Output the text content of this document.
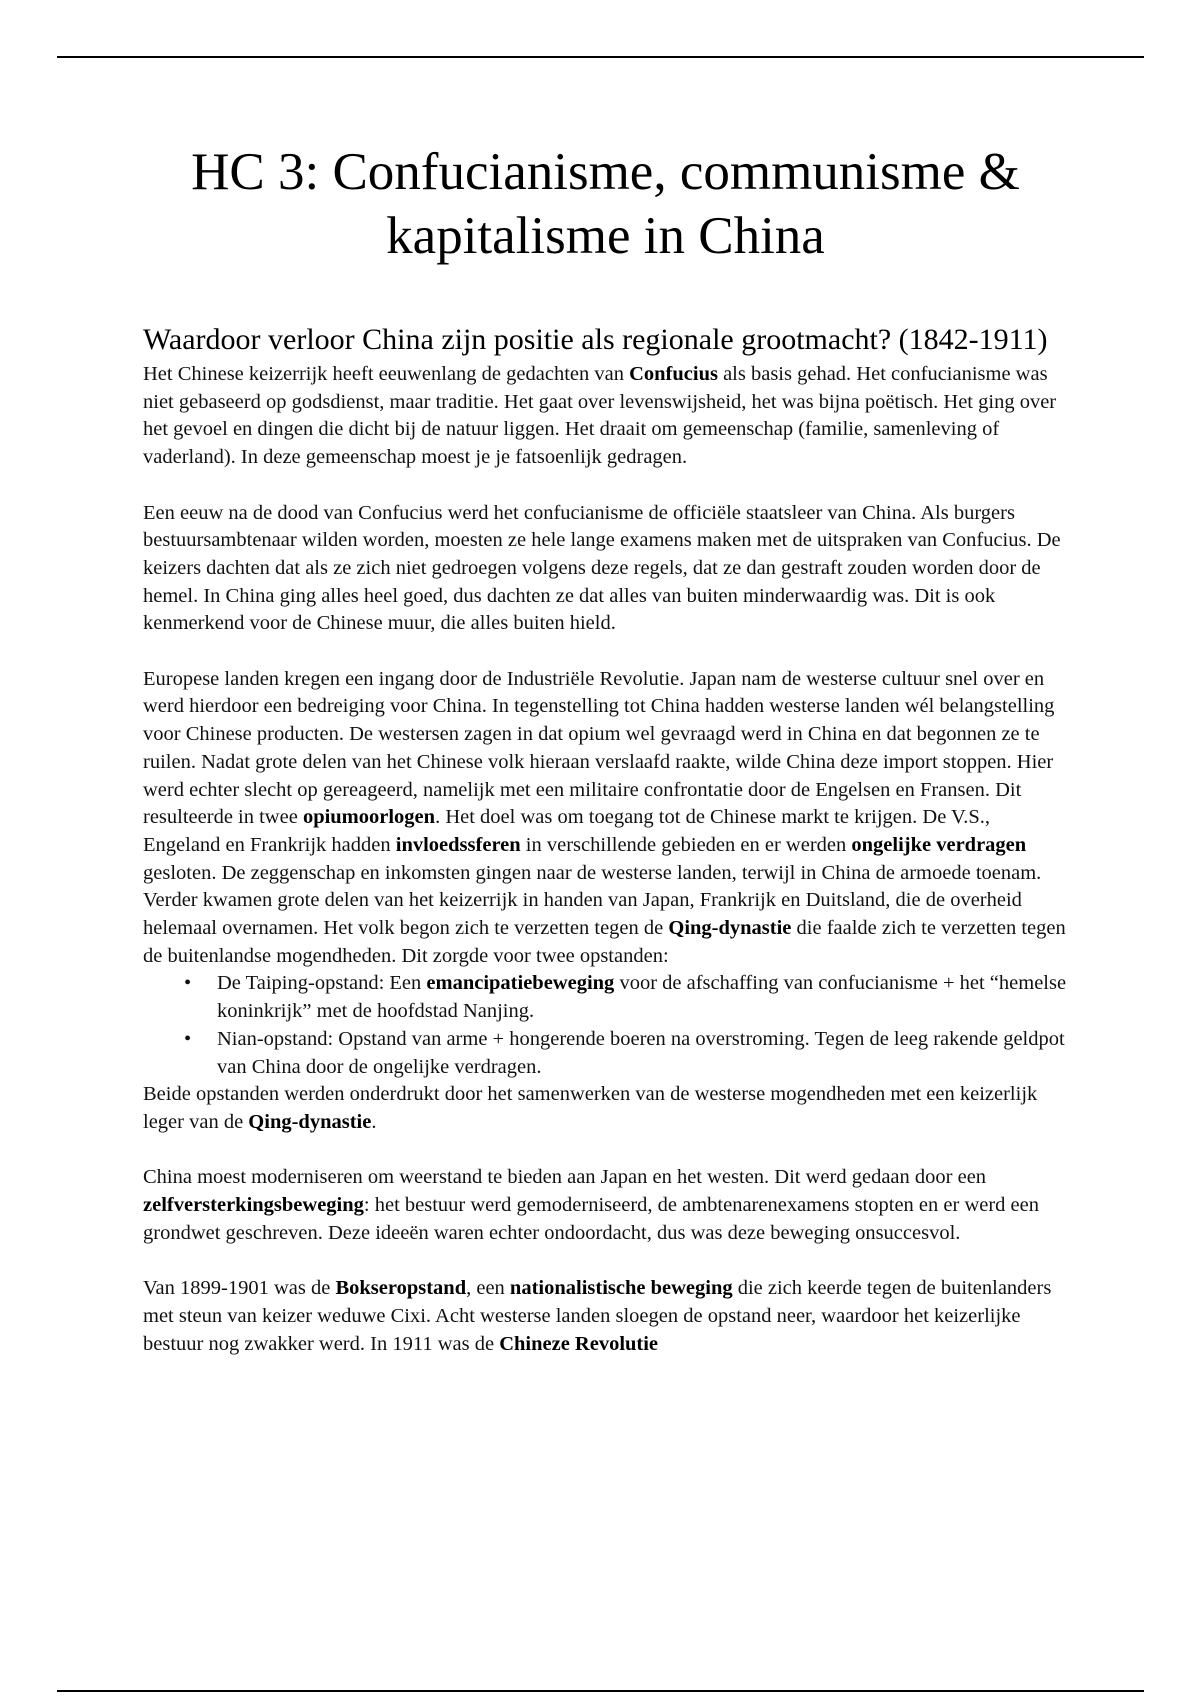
HC 3: Confucianisme, communisme & kapitalisme in China
Waardoor verloor China zijn positie als regionale grootmacht? (1842-1911)

Het Chinese keizerrijk heeft eeuwenlang de gedachten van Confucius als basis gehad. Het confucianisme was niet gebaseerd op godsdienst, maar traditie. Het gaat over levenswijsheid, het was bijna poëtisch. Het ging over het gevoel en dingen die dicht bij de natuur liggen. Het draait om gemeenschap (familie, samenleving of vaderland). In deze gemeenschap moest je je fatsoenlijk gedragen.

Een eeuw na de dood van Confucius werd het confucianisme de officiële staatsleer van China. Als burgers bestuursambtenaar wilden worden, moesten ze hele lange examens maken met de uitspraken van Confucius. De keizers dachten dat als ze zich niet gedroegen volgens deze regels, dat ze dan gestraft zouden worden door de hemel. In China ging alles heel goed, dus dachten ze dat alles van buiten minderwaardig was. Dit is ook kenmerkend voor de Chinese muur, die alles buiten hield.

Europese landen kregen een ingang door de Industriële Revolutie. Japan nam de westerse cultuur snel over en werd hierdoor een bedreiging voor China. In tegenstelling tot China hadden westerse landen wél belangstelling voor Chinese producten. De westersen zagen in dat opium wel gevraagd werd in China en dat begonnen ze te ruilen. Nadat grote delen van het Chinese volk hieraan verslaafd raakte, wilde China deze import stoppen. Hier werd echter slecht op gereageerd, namelijk met een militaire confrontatie door de Engelsen en Fransen. Dit resulteerde in twee opiumoorlogen. Het doel was om toegang tot de Chinese markt te krijgen. De V.S., Engeland en Frankrijk hadden invloedssferen in verschillende gebieden en er werden ongelijke verdragen gesloten. De zeggenschap en inkomsten gingen naar de westerse landen, terwijl in China de armoede toenam. Verder kwamen grote delen van het keizerrijk in handen van Japan, Frankrijk en Duitsland, die de overheid helemaal overnamen. Het volk begon zich te verzetten tegen de Qing-dynastie die faalde zich te verzetten tegen de buitenlandse mogendheden. Dit zorgde voor twee opstanden:

• De Taiping-opstand: Een emancipatiebeweging voor de afschaffing van confucianisme + het “hemelse koninkrijk” met de hoofdstad Nanjing.
• Nian-opstand: Opstand van arme + hongerende boeren na overstroming. Tegen de leeg rakende geldpot van China door de ongelijke verdragen.

Beide opstanden werden onderdrukt door het samenwerken van de westerse mogendheden met een keizerlijk leger van de Qing-dynastie.

China moest moderniseren om weerstand te bieden aan Japan en het westen. Dit werd gedaan door een zelfversterkingsbeweging: het bestuur werd gemoderniseerd, de ambtenarenexamens stopten en er werd een grondwet geschreven. Deze ideeën waren echter ondoordacht, dus was deze beweging onsuccesvol.

Van 1899-1901 was de Bokseropstand, een nationalistische beweging die zich keerde tegen de buitenlanders met steun van keizer weduwe Cixi. Acht westerse landen sloegen de opstand neer, waardoor het keizerlijke bestuur nog zwakker werd. In 1911 was de Chineze Revolutie
